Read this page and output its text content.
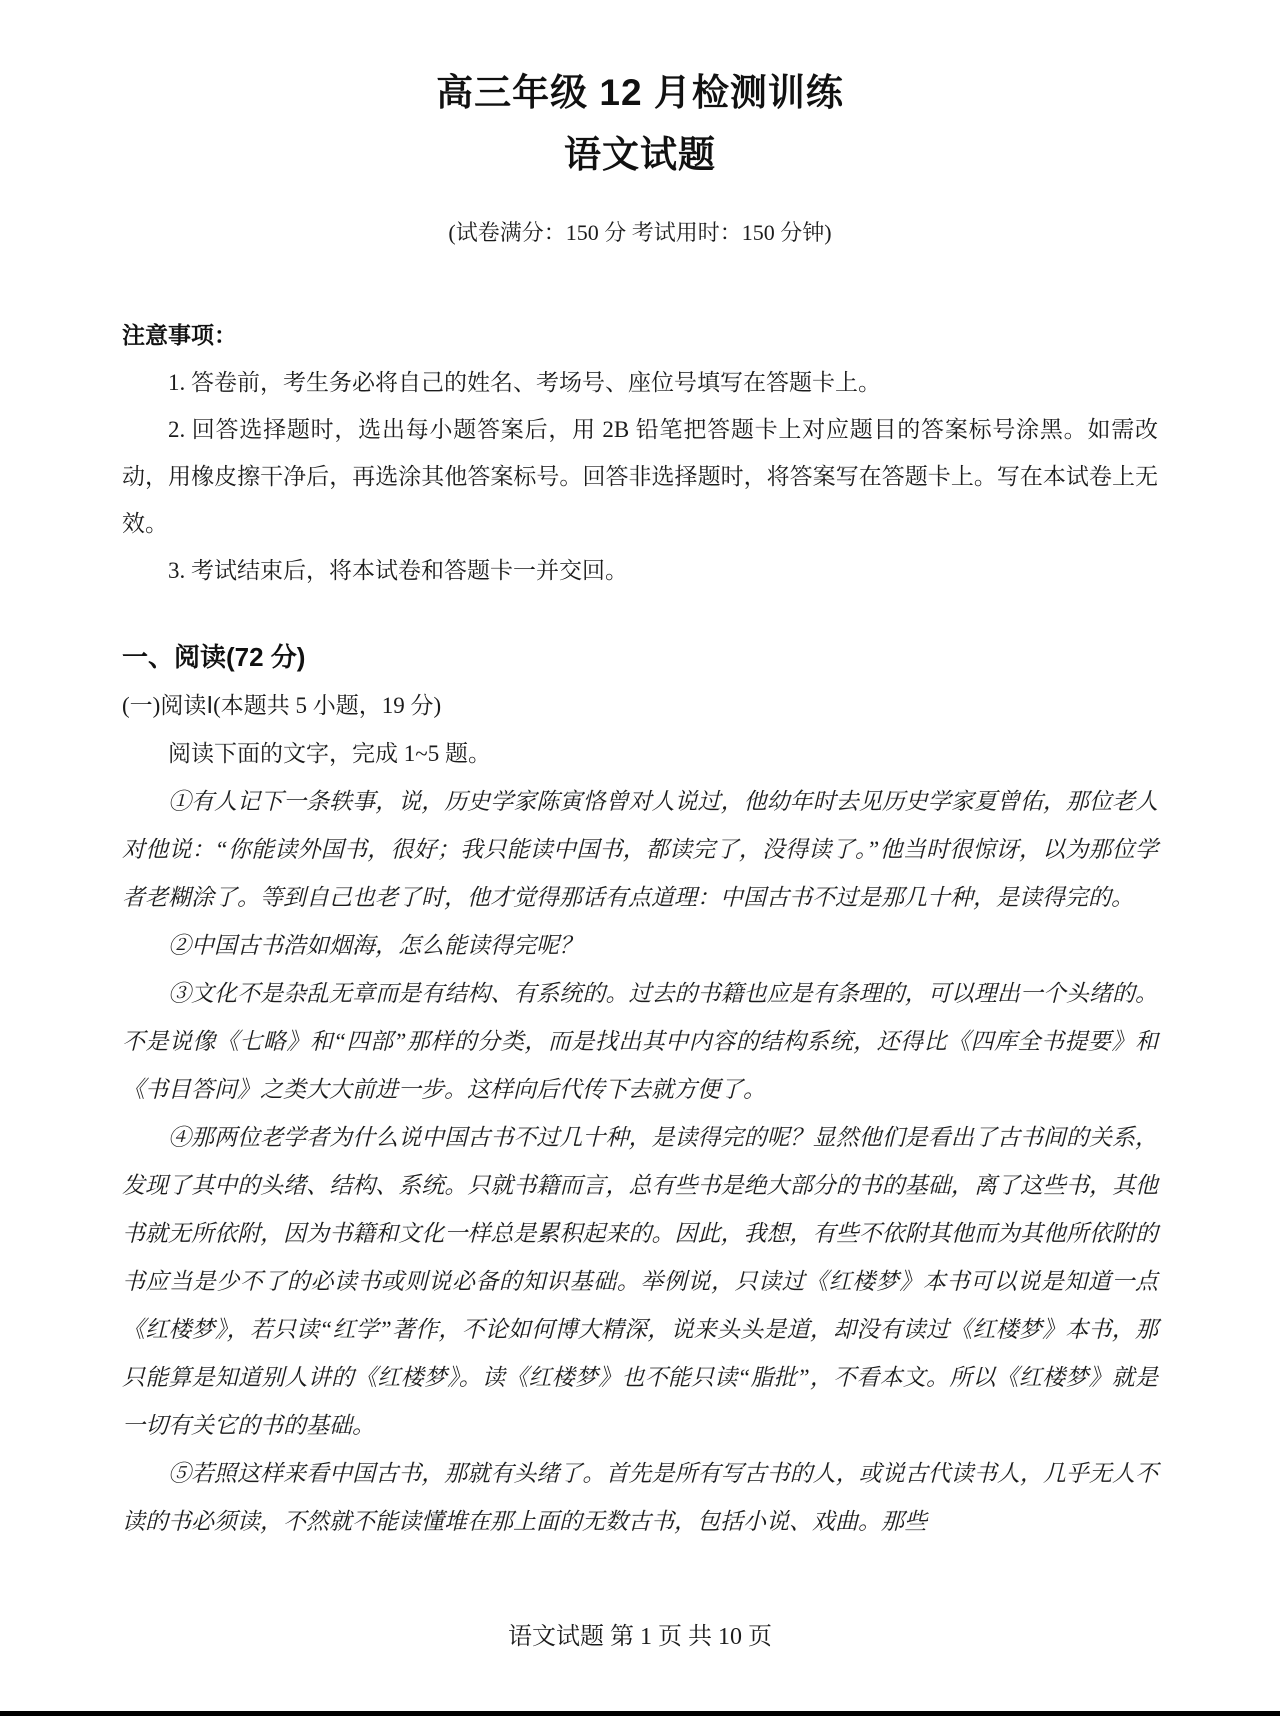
高三年级 12 月检测训练
语文试题
(试卷满分：150 分 考试用时：150 分钟)
注意事项：

1. 答卷前，考生务必将自己的姓名、考场号、座位号填写在答题卡上。

2. 回答选择题时，选出每小题答案后，用 2B 铅笔把答题卡上对应题目的答案标号涂黑。如需改动，用橡皮擦干净后，再选涂其他答案标号。回答非选择题时，将答案写在答题卡上。写在本试卷上无效。

3. 考试结束后，将本试卷和答题卡一并交回。

一、阅读(72 分)
(一)阅读Ⅰ(本题共 5 小题，19 分)

阅读下面的文字，完成 1~5 题。

①有人记下一条轶事，说，历史学家陈寅恪曾对人说过，他幼年时去见历史学家夏曾佑，那位老人对他说：“你能读外国书，很好；我只能读中国书，都读完了，没得读了。”他当时很惊讶，以为那位学者老糊涂了。等到自己也老了时，他才觉得那话有点道理：中国古书不过是那几十种，是读得完的。

②中国古书浩如烟海，怎么能读得完呢？

③文化不是杂乱无章而是有结构、有系统的。过去的书籍也应是有条理的，可以理出一个头绪的。不是说像《七略》和“四部”那样的分类，而是找出其中内容的结构系统，还得比《四库全书提要》和《书目答问》之类大大前进一步。这样向后代传下去就方便了。

④那两位老学者为什么说中国古书不过几十种，是读得完的呢？显然他们是看出了古书间的关系，发现了其中的头绪、结构、系统。只就书籍而言，总有些书是绝大部分的书的基础，离了这些书，其他书就无所依附，因为书籍和文化一样总是累积起来的。因此，我想，有些不依附其他而为其他所依附的书应当是少不了的必读书或则说必备的知识基础。举例说，只读过《红楼梦》本书可以说是知道一点《红楼梦》，若只读“红学”著作，不论如何博大精深，说来头头是道，却没有读过《红楼梦》本书，那只能算是知道别人讲的《红楼梦》。读《红楼梦》也不能只读“脂批”，不看本文。所以《红楼梦》就是一切有关它的书的基础。

⑤若照这样来看中国古书，那就有头绪了。首先是所有写古书的人，或说古代读书人，几乎无人不读的书必须读，不然就不能读懂堆在那上面的无数古书，包括小说、戏曲。那些

语文试题 第 1 页 共 10 页
